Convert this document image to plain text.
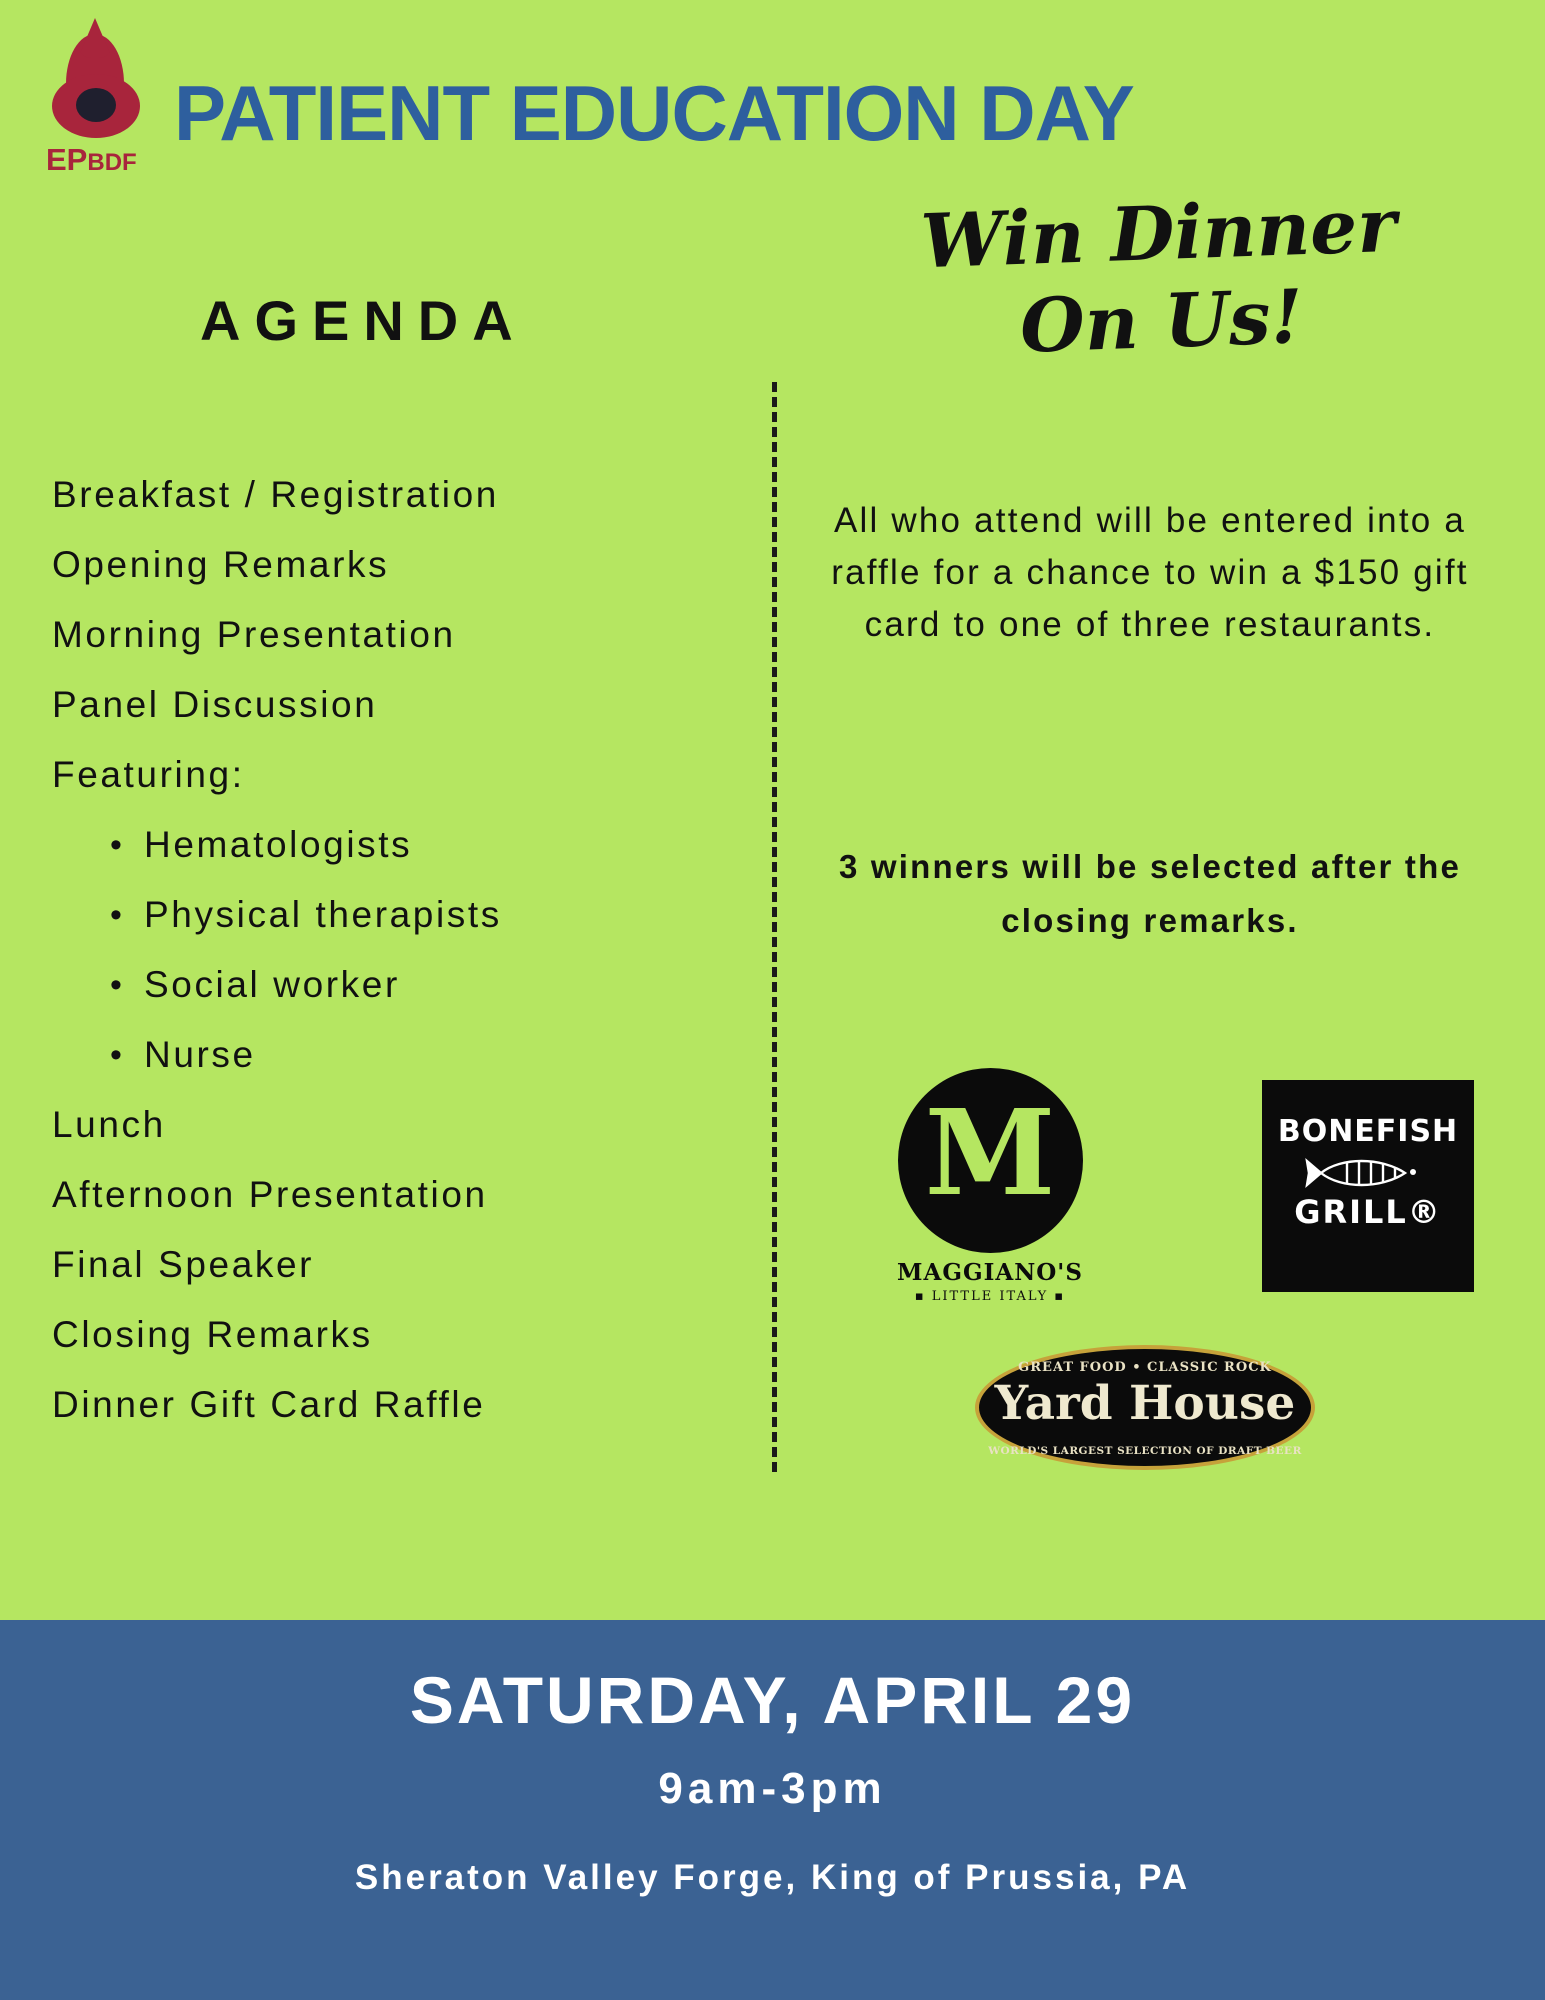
EPBDF
PATIENT EDUCATION DAY
AGENDA
Breakfast / Registration
Opening Remarks
Morning Presentation
Panel Discussion
Featuring:
• Hematologists
• Physical therapists
• Social worker
• Nurse
Lunch
Afternoon Presentation
Final Speaker
Closing Remarks
Dinner Gift Card Raffle
Win Dinner
On Us!
All who attend will be entered into a raffle for a chance to win a $150 gift card to one of three restaurants.
3 winners will be selected after the closing remarks.
M
MAGGIANO'S
▪ LITTLE ITALY ▪
BONEFISH
GRILL®
GREAT FOOD • CLASSIC ROCK
Yard House
WORLD'S LARGEST SELECTION OF DRAFT BEER
SATURDAY, APRIL 29
9am-3pm
Sheraton Valley Forge, King of Prussia, PA
